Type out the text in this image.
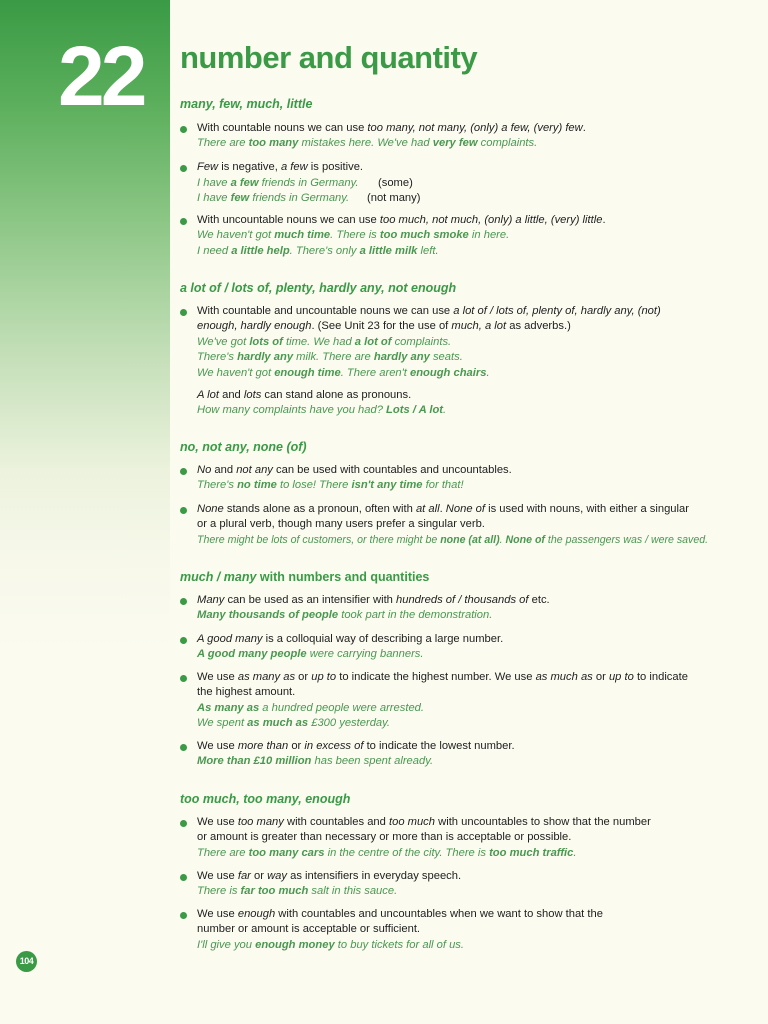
22 number and quantity
many, few, much, little
With countable nouns we can use too many, not many, (only) a few, (very) few.
There are too many mistakes here. We've had very few complaints.
Few is negative, a few is positive.
I have a few friends in Germany. (some)
I have few friends in Germany. (not many)
With uncountable nouns we can use too much, not much, (only) a little, (very) little.
We haven't got much time. There is too much smoke in here.
I need a little help. There's only a little milk left.
a lot of / lots of, plenty, hardly any, not enough
With countable and uncountable nouns we can use a lot of / lots of, plenty of, hardly any, (not)
enough, hardly enough. (See Unit 23 for the use of much, a lot as adverbs.)
We've got lots of time. We had a lot of complaints.
There's hardly any milk. There are hardly any seats.
We haven't got enough time. There aren't enough chairs.
A lot and lots can stand alone as pronouns.
How many complaints have you had? Lots / A lot.
no, not any, none (of)
No and not any can be used with countables and uncountables.
There's no time to lose! There isn't any time for that!
None stands alone as a pronoun, often with at all. None of is used with nouns, with either a singular
or a plural verb, though many users prefer a singular verb.
There might be lots of customers, or there might be none (at all). None of the passengers was / were saved.
much / many with numbers and quantities
Many can be used as an intensifier with hundreds of / thousands of etc.
Many thousands of people took part in the demonstration.
A good many is a colloquial way of describing a large number.
A good many people were carrying banners.
We use as many as or up to to indicate the highest number. We use as much as or up to to indicate
the highest amount.
As many as a hundred people were arrested.
We spent as much as £300 yesterday.
We use more than or in excess of to indicate the lowest number.
More than £10 million has been spent already.
too much, too many, enough
We use too many with countables and too much with uncountables to show that the number
or amount is greater than necessary or more than is acceptable or possible.
There are too many cars in the centre of the city. There is too much traffic.
We use far or way as intensifiers in everyday speech.
There is far too much salt in this sauce.
We use enough with countables and uncountables when we want to show that the
number or amount is acceptable or sufficient.
I'll give you enough money to buy tickets for all of us.
104
